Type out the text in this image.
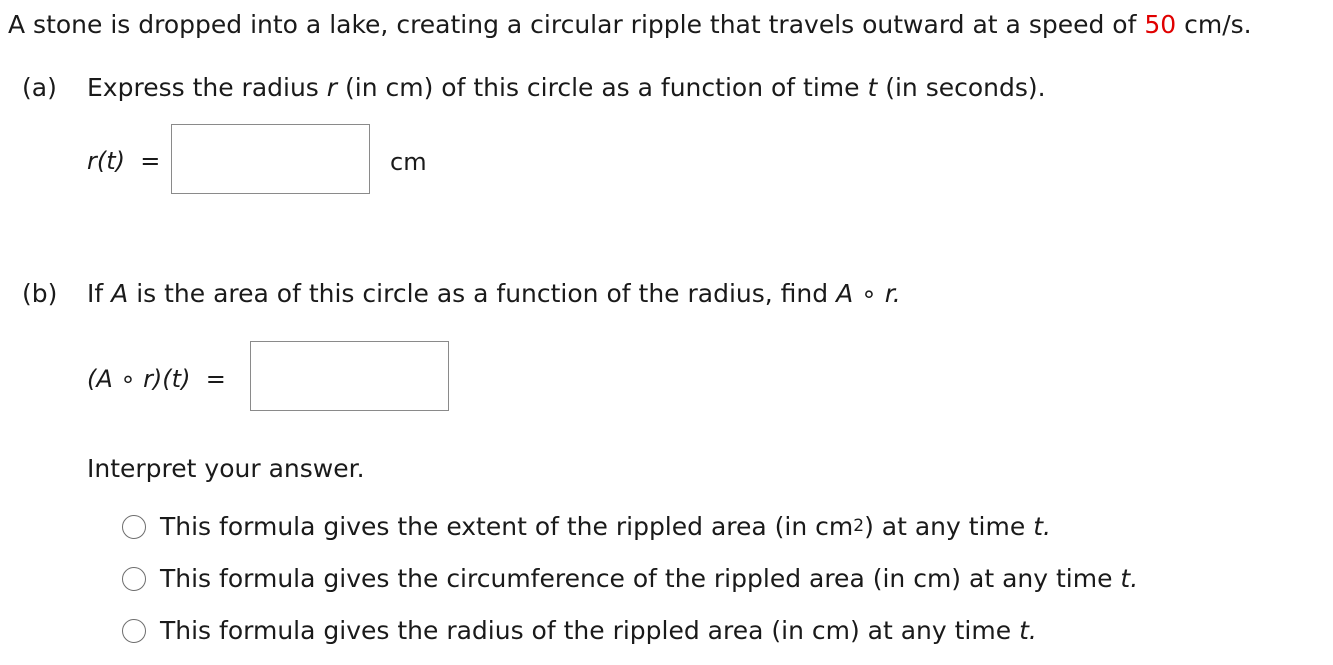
A stone is dropped into a lake, creating a circular ripple that travels outward at a speed of
50
cm/s.
(a) Express the radius
r
(in cm) of this circle as a function of time
t
(in seconds).
r(t)
=	cm
(b) If
A
is the area of this circle as a function of the radius, find
A ∘ r.
(A ∘ r)(t)
=
Interpret your answer.
This formula gives the extent of the rippled area (in $cm^2$ ) at any time
t.
This formula gives the circumference of the rippled area (in cm) at any time
t.
This formula gives the radius of the rippled area (in cm) at any time
t.
